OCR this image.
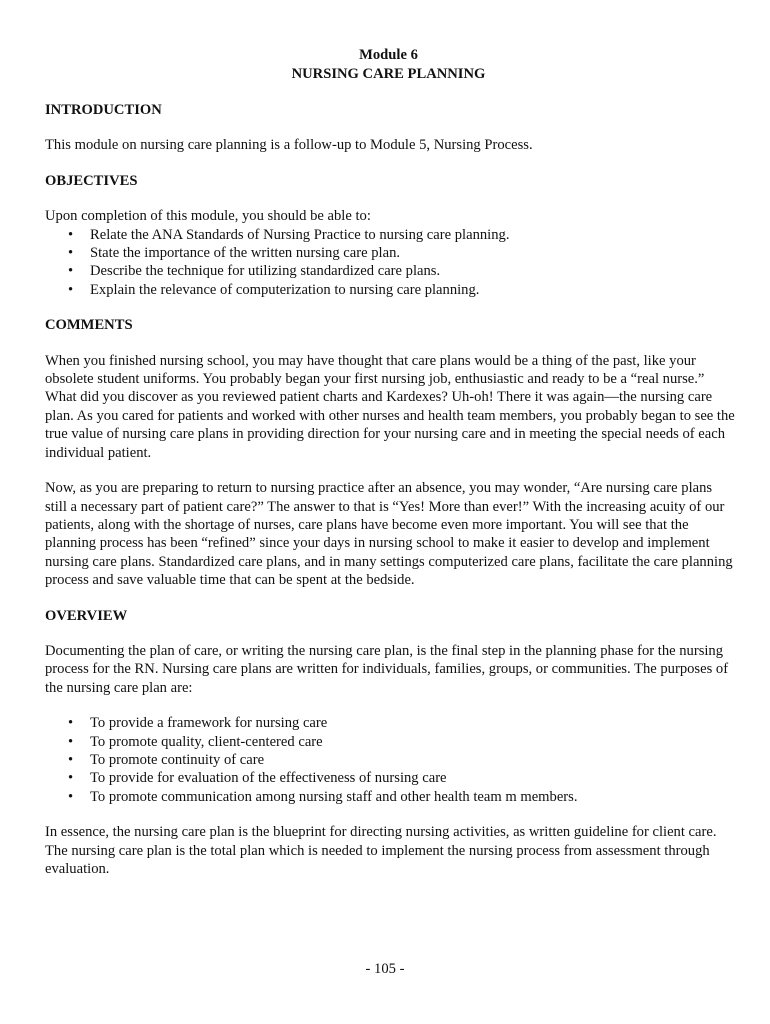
Module 6
NURSING CARE PLANNING
INTRODUCTION

This module on nursing care planning is a follow-up to Module 5, Nursing Process.

OBJECTIVES

Upon completion of this module, you should be able to:

• Relate the ANA Standards of Nursing Practice to nursing care planning.
• State the importance of the written nursing care plan.
• Describe the technique for utilizing standardized care plans.
• Explain the relevance of computerization to nursing care planning.
COMMENTS

When you finished nursing school, you may have thought that care plans would be a thing of the past, like your obsolete student uniforms. You probably began your first nursing job, enthusiastic and ready to be a “real nurse.” What did you discover as you reviewed patient charts and Kardexes? Uh-oh! There it was again—the nursing care plan. As you cared for patients and worked with other nurses and health team members, you probably began to see the true value of nursing care plans in providing direction for your nursing care and in meeting the special needs of each individual patient.

Now, as you are preparing to return to nursing practice after an absence, you may wonder, “Are nursing care plans still a necessary part of patient care?” The answer to that is “Yes! More than ever!” With the increasing acuity of our patients, along with the shortage of nurses, care plans have become even more important. You will see that the planning process has been “refined” since your days in nursing school to make it easier to develop and implement nursing care plans. Standardized care plans, and in many settings computerized care plans, facilitate the care planning process and save valuable time that can be spent at the bedside.

OVERVIEW

Documenting the plan of care, or writing the nursing care plan, is the final step in the planning phase for the nursing process for the RN. Nursing care plans are written for individuals, families, groups, or communities. The purposes of the nursing care plan are:

• To provide a framework for nursing care
• To promote quality, client-centered care
• To promote continuity of care
• To provide for evaluation of the effectiveness of nursing care
• To promote communication among nursing staff and other health team m members.

In essence, the nursing care plan is the blueprint for directing nursing activities, as written guideline for client care. The nursing care plan is the total plan which is needed to implement the nursing process from assessment through evaluation.

- 105 -
